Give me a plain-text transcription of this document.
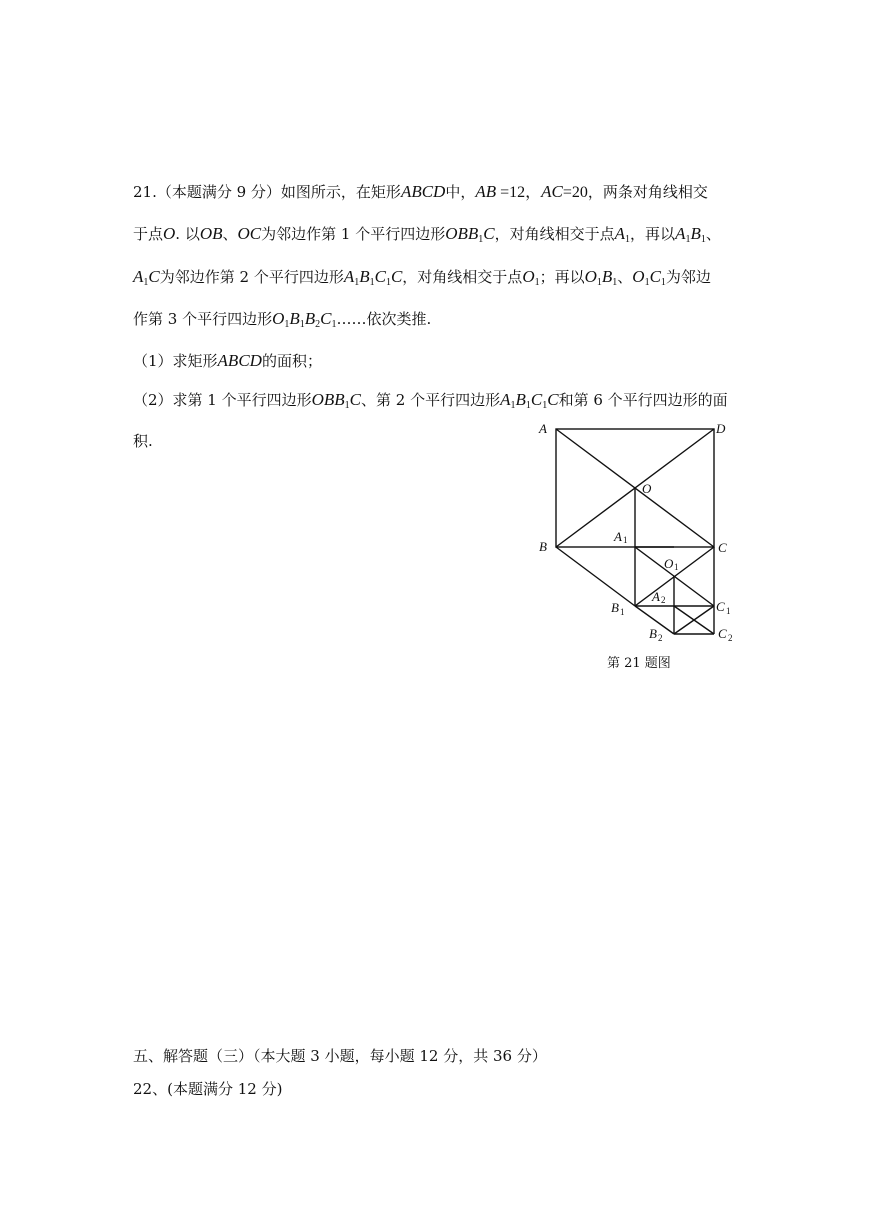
21.（本题满分 9 分）如图所示，在矩形ABCD中，AB =12，AC=20，两条对角线相交
于点O. 以OB、OC为邻边作第 1 个平行四边形$OBB_1C$，对角线相交于点$A_1$，再以$A_1B_1$、
$A_1C$为邻边作第 2 个平行四边形$A_1B_1C_1C$，对角线相交于点$O_1$；再以$O_1B_1$、$O_1C_1$为邻边
作第 3 个平行四边形$O_1B_1B_2C_1\dots\dots$依次类推.
（1）求矩形ABCD的面积；
（2）求第 1 个平行四边形$OBB_1C$、第 2 个平行四边形$A_1B_1C_1C$和第 6 个平行四边形的面
积.
A	D
O
B	C
A 1
O 1
A 2
B 1	C 1
B 2	C 2
第 21 题图
五、解答题（三）（本大题 3 小题，每小题 12 分，共 36 分）
22、(本题满分 12 分)
